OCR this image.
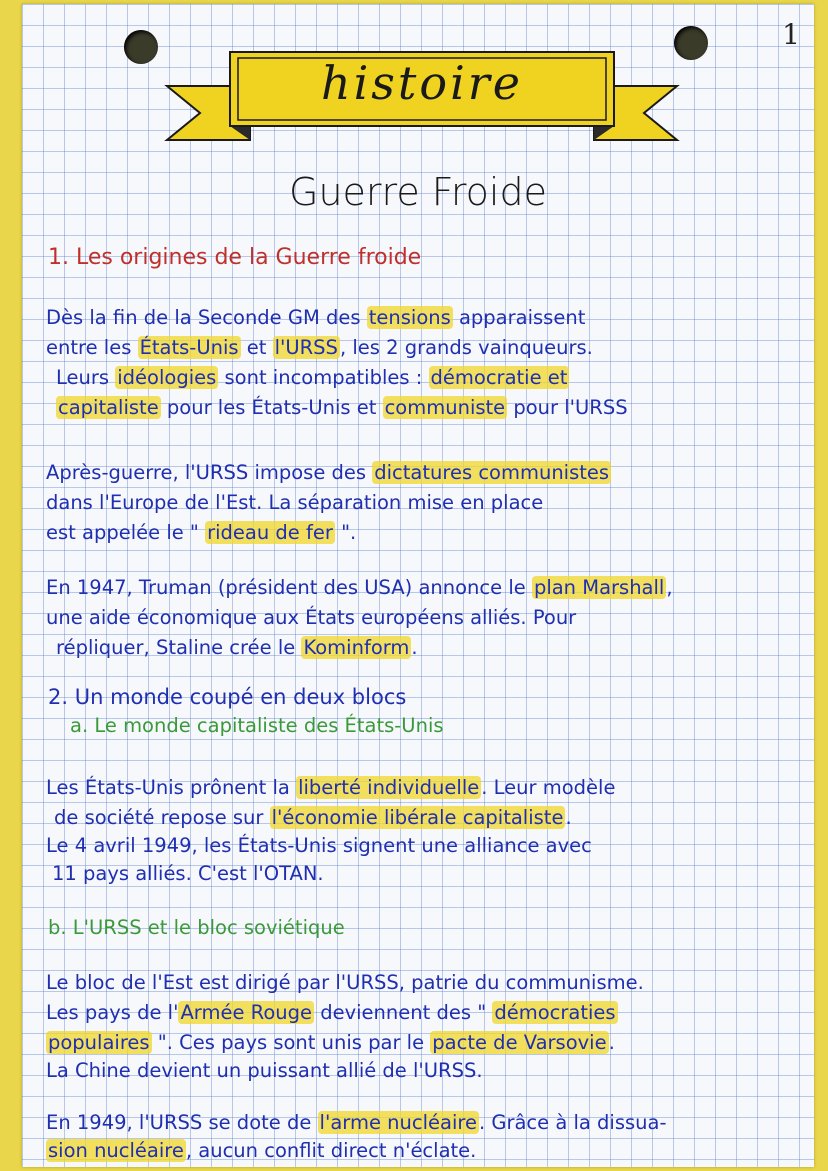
1
histoire
Guerre Froide
1. Les origines de la Guerre froide
Dès la fin de la Seconde GM des tensions apparaissent
entre les États-Unis et l'URSS , les 2 grands vainqueurs.
Leurs idéologies sont incompatibles : démocratie et
capitaliste pour les États-Unis et communiste pour l'URSS
Après-guerre, l'URSS impose des dictatures communistes
dans l'Europe de l'Est. La séparation mise en place
est appelée le " rideau de fer ".
En 1947, Truman (président des USA) annonce le plan Marshall ,
une aide économique aux États européens alliés. Pour
répliquer, Staline crée le Kominform .
2. Un monde coupé en deux blocs
a. Le monde capitaliste des États-Unis
Les États-Unis prônent la liberté individuelle . Leur modèle
de société repose sur l'économie libérale capitaliste .
Le 4 avril 1949, les États-Unis signent une alliance avec
11 pays alliés. C'est l'OTAN.
b. L'URSS et le bloc soviétique
Le bloc de l'Est est dirigé par l'URSS, patrie du communisme.
Les pays de l' Armée Rouge deviennent des " démocraties
populaires ". Ces pays sont unis par le pacte de Varsovie .
La Chine devient un puissant allié de l'URSS.
En 1949, l'URSS se dote de l'arme nucléaire . Grâce à la dissua-
sion nucléaire , aucun conflit direct n'éclate.
